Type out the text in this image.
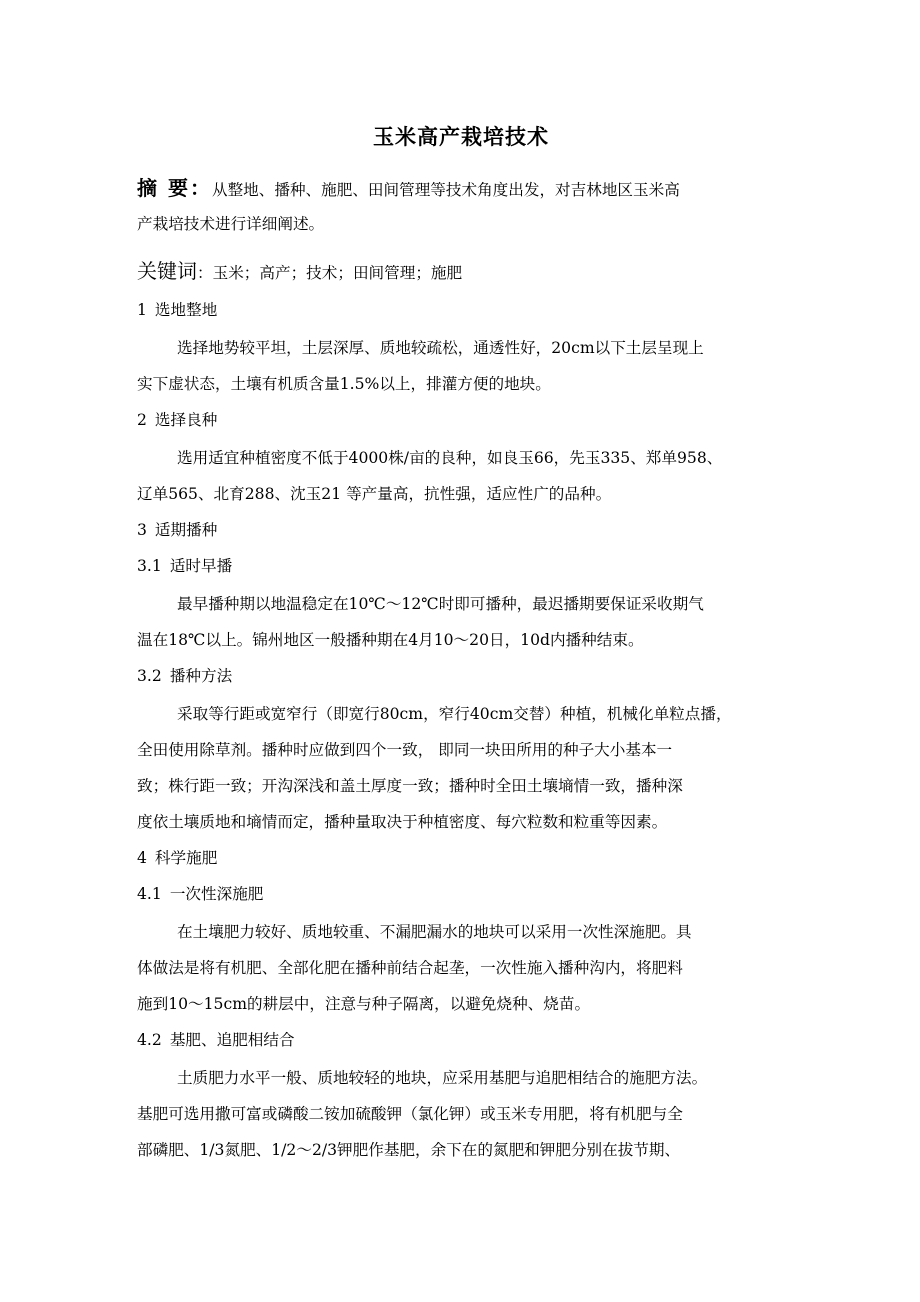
玉米高产栽培技术
摘 要：从整地、播种、施肥、田间管理等技术角度出发，对吉林地区玉米高
产栽培技术进行详细阐述。
关键词：玉米；高产；技术；田间管理；施肥
1 选地整地
选择地势较平坦，土层深厚、质地较疏松，通透性好，20cm以下土层呈现上
实下虚状态，土壤有机质含量1.5%以上，排灌方便的地块。
2 选择良种
选用适宜种植密度不低于4000株/亩的良种，如良玉66，先玉335、郑单958、
辽单565、北育288、沈玉21 等产量高，抗性强，适应性广的品种。
3 适期播种
3.1 适时早播
最早播种期以地温稳定在10℃～12℃时即可播种，最迟播期要保证采收期气
温在18℃以上。锦州地区一般播种期在4月10～20日，10d内播种结束。
3.2 播种方法
采取等行距或宽窄行（即宽行80cm，窄行40cm交替）种植，机械化单粒点播，
全田使用除草剂。播种时应做到四个一致， 即同一块田所用的种子大小基本一
致；株行距一致；开沟深浅和盖土厚度一致；播种时全田土壤墒情一致，播种深
度依土壤质地和墒情而定，播种量取决于种植密度、每穴粒数和粒重等因素。
4 科学施肥
4.1 一次性深施肥
在土壤肥力较好、质地较重、不漏肥漏水的地块可以采用一次性深施肥。具
体做法是将有机肥、全部化肥在播种前结合起垄，一次性施入播种沟内，将肥料
施到10～15cm的耕层中，注意与种子隔离，以避免烧种、烧苗。
4.2 基肥、追肥相结合
土质肥力水平一般、质地较轻的地块，应采用基肥与追肥相结合的施肥方法。
基肥可选用撒可富或磷酸二铵加硫酸钾（氯化钾）或玉米专用肥，将有机肥与全
部磷肥、1/3氮肥、1/2～2/3钾肥作基肥，余下在的氮肥和钾肥分别在拔节期、
